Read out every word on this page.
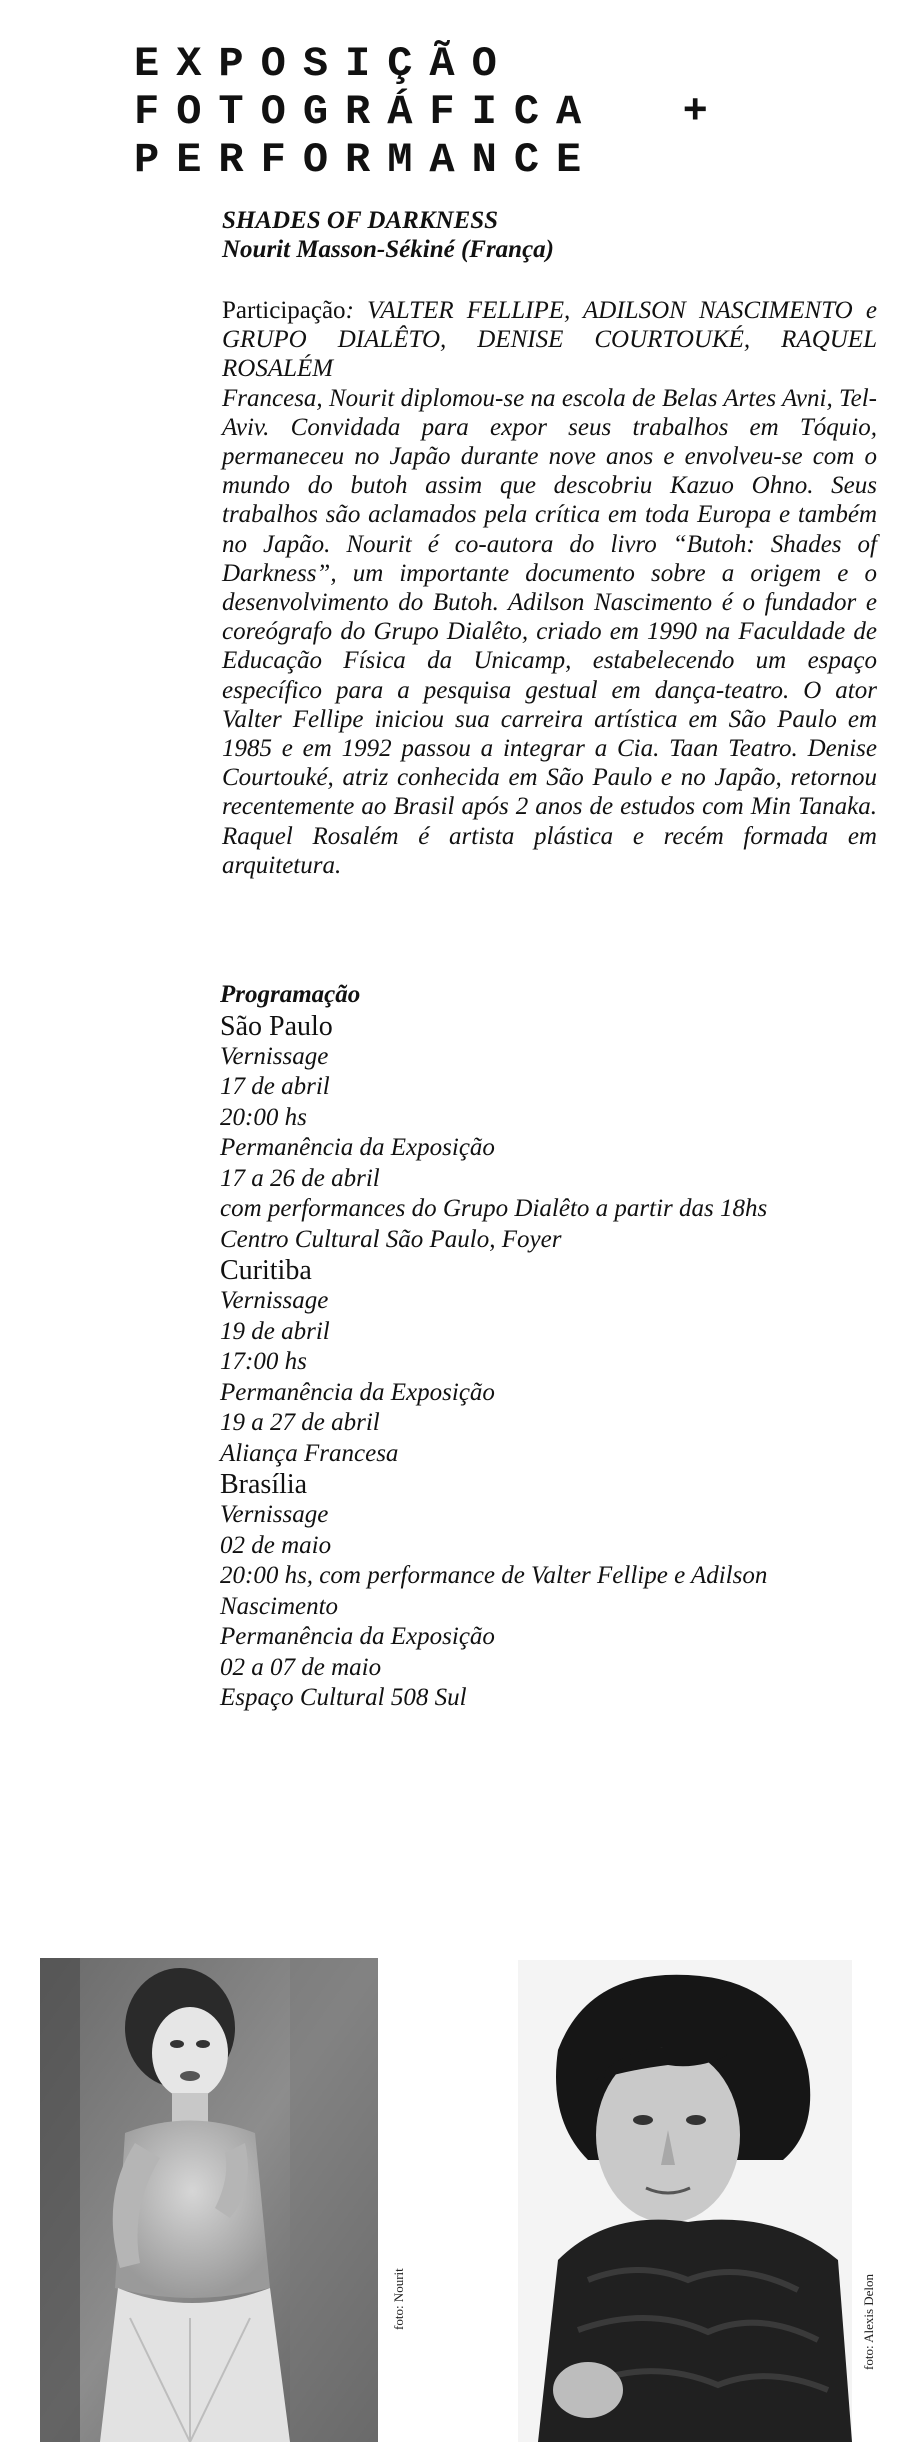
EXPOSIÇÃO
FOTOGRÁFICA  +
PERFORMANCE
SHADES OF DARKNESS
Nourit Masson-Sékiné (França)

Participação: VALTER FELLIPE, ADILSON NASCIMENTO e GRUPO DIALÊTO, DENISE COURTOUKÉ, RAQUEL ROSALÉM

Francesa, Nourit diplomou-se na escola de Belas Artes Avni, Tel-Aviv. Convidada para expor seus trabalhos em Tóquio, permaneceu no Japão durante nove anos e envolveu-se com o mundo do butoh assim que descobriu Kazuo Ohno. Seus trabalhos são aclamados pela crítica em toda Europa e também no Japão. Nourit é co-autora do livro “Butoh: Shades of Darkness”, um importante documento sobre a origem e o desenvolvimento do Butoh. Adilson Nascimento é o fundador e coreógrafo do Grupo Dialêto, criado em 1990 na Faculdade de Educação Física da Unicamp, estabelecendo um espaço específico para a pesquisa gestual em dança-teatro. O ator Valter Fellipe iniciou sua carreira artística em São Paulo em 1985 e em 1992 passou a integrar a Cia. Taan Teatro. Denise Courtouké, atriz conhecida em São Paulo e no Japão, retornou recentemente ao Brasil após 2 anos de estudos com Min Tanaka. Raquel Rosalém é artista plástica e recém formada em arquitetura.

Programação
São Paulo
Vernissage
17 de abril
20:00 hs
Permanência da Exposição
17 a 26 de abril
com performances do Grupo Dialêto a partir das 18hs
Centro Cultural São Paulo, Foyer
Curitiba
Vernissage
19 de abril
17:00 hs
Permanência da Exposição
19 a 27 de abril
Aliança Francesa
Brasília
Vernissage
02 de maio
20:00 hs, com performance de Valter Fellipe e Adilson Nascimento
Permanência da Exposição
02 a 07 de maio
Espaço Cultural 508 Sul
foto: Nourit	foto: Alexis Delon
